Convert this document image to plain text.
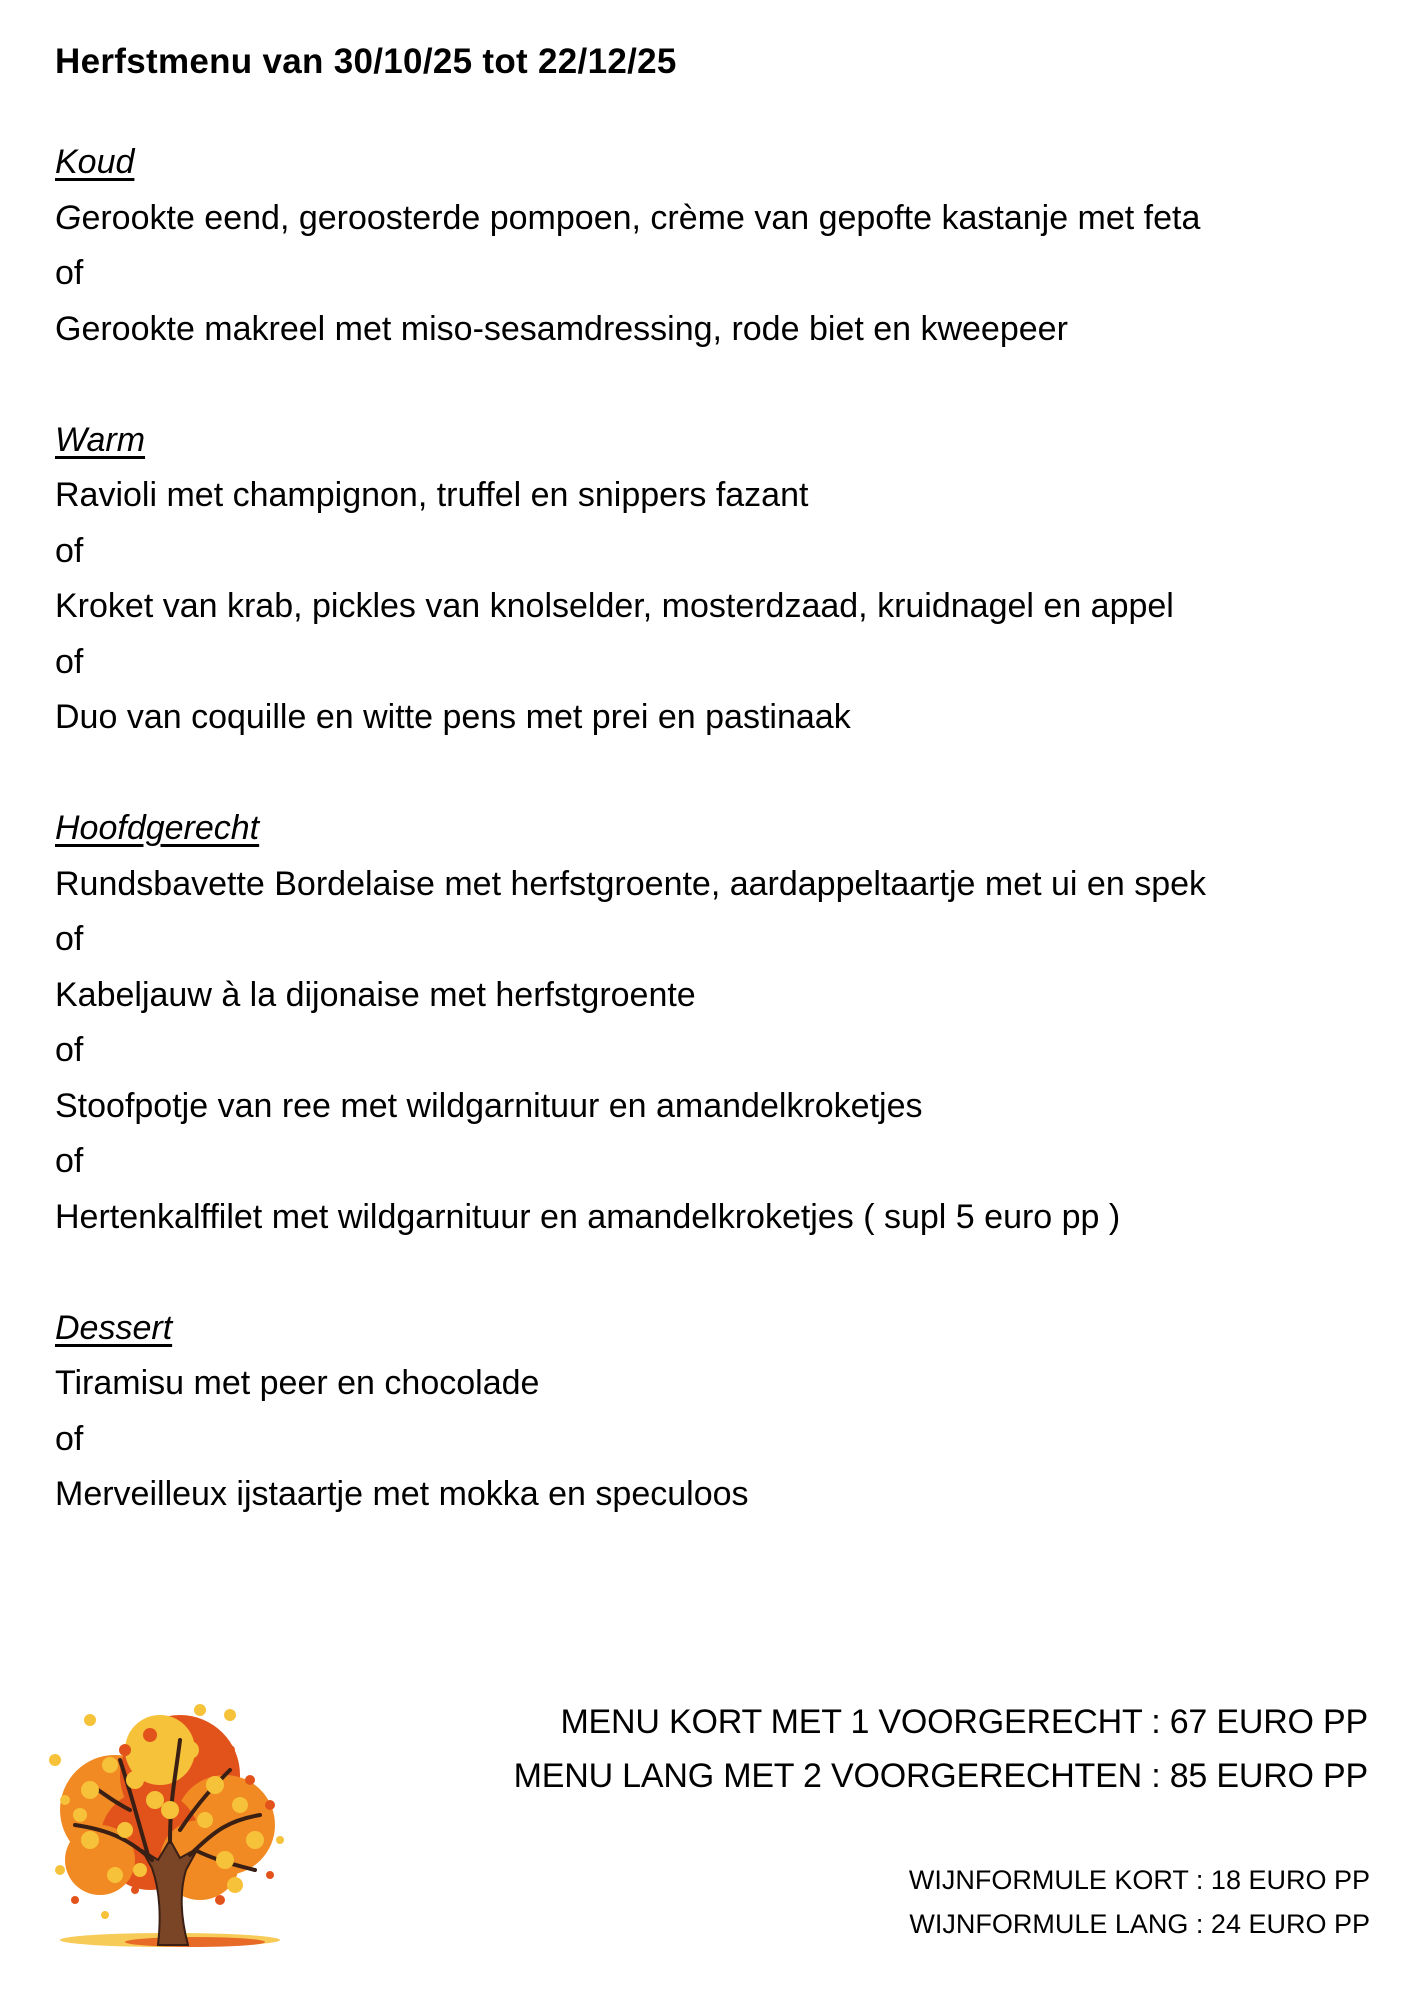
Herfstmenu van 30/10/25 tot 22/12/25
Koud
Gerookte eend, geroosterde pompoen, crème van gepofte kastanje met feta
of
Gerookte makreel met miso-sesamdressing, rode biet en kweepeer
Warm
Ravioli met champignon, truffel en snippers fazant
of
Kroket van krab, pickles van knolselder, mosterdzaad, kruidnagel en appel
of
Duo van coquille en witte pens met prei en pastinaak
Hoofdgerecht
Rundsbavette Bordelaise met herfstgroente, aardappeltaartje met ui en spek
of
Kabeljauw à la dijonaise met herfstgroente
of
Stoofpotje van ree met wildgarnituur en amandelkroketjes
of
Hertenkalffilet met wildgarnituur en amandelkroketjes ( supl 5 euro pp )
Dessert
Tiramisu met peer en chocolade
of
Merveilleux ijstaartje met mokka en speculoos
MENU KORT MET 1 VOORGERECHT : 67 EURO PP
MENU LANG MET 2 VOORGERECHTEN : 85 EURO PP
WIJNFORMULE KORT : 18 EURO PP
WIJNFORMULE LANG : 24 EURO PP
